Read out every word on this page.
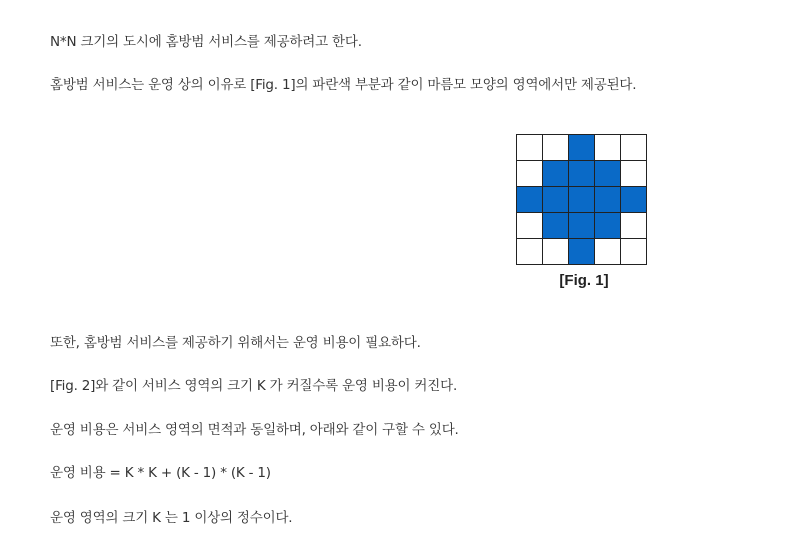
N*N 크기의 도시에 홈방범 서비스를 제공하려고 한다.

홈방범 서비스는 운영 상의 이유로 [Fig. 1]의 파란색 부분과 같이 마름모 모양의 영역에서만 제공된다.

[Fig. 1]

또한, 홈방범 서비스를 제공하기 위해서는 운영 비용이 필요하다.

[Fig. 2]와 같이 서비스 영역의 크기 K 가 커질수록 운영 비용이 커진다.

운영 비용은 서비스 영역의 면적과 동일하며, 아래와 같이 구할 수 있다.

운영 비용 = K * K + (K - 1) * (K - 1)

운영 영역의 크기 K 는 1 이상의 정수이다.
